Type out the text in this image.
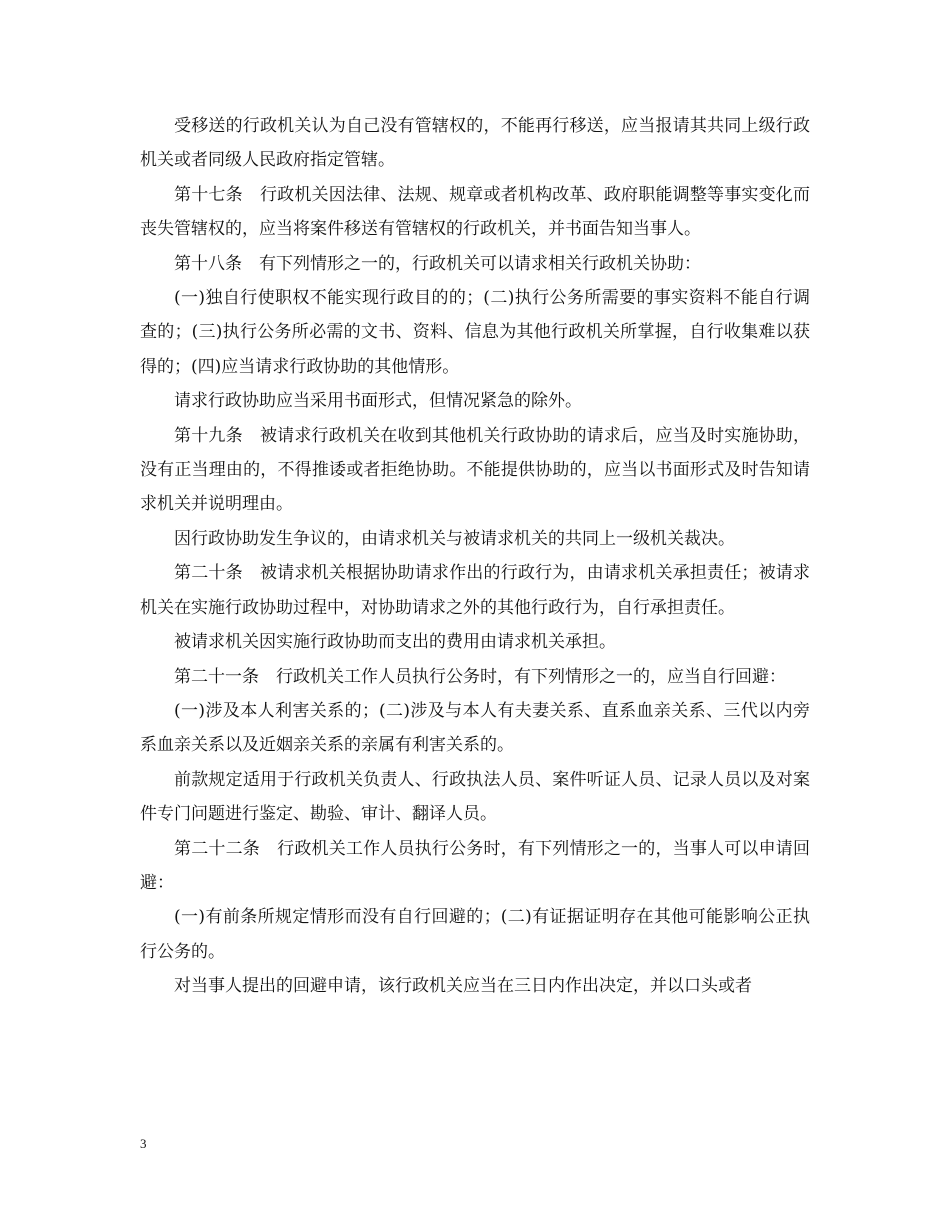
受移送的行政机关认为自己没有管辖权的，不能再行移送，应当报请其共同上级行政机关或者同级人民政府指定管辖。

第十七条　行政机关因法律、法规、规章或者机构改革、政府职能调整等事实变化而丧失管辖权的，应当将案件移送有管辖权的行政机关，并书面告知当事人。

第十八条　有下列情形之一的，行政机关可以请求相关行政机关协助：

(一)独自行使职权不能实现行政目的的；(二)执行公务所需要的事实资料不能自行调查的；(三)执行公务所必需的文书、资料、信息为其他行政机关所掌握，自行收集难以获得的；(四)应当请求行政协助的其他情形。

请求行政协助应当采用书面形式，但情况紧急的除外。

第十九条　被请求行政机关在收到其他机关行政协助的请求后，应当及时实施协助，没有正当理由的，不得推诿或者拒绝协助。不能提供协助的，应当以书面形式及时告知请求机关并说明理由。

因行政协助发生争议的，由请求机关与被请求机关的共同上一级机关裁决。

第二十条　被请求机关根据协助请求作出的行政行为，由请求机关承担责任；被请求机关在实施行政协助过程中，对协助请求之外的其他行政行为，自行承担责任。

被请求机关因实施行政协助而支出的费用由请求机关承担。

第二十一条　行政机关工作人员执行公务时，有下列情形之一的，应当自行回避：

(一)涉及本人利害关系的；(二)涉及与本人有夫妻关系、直系血亲关系、三代以内旁系血亲关系以及近姻亲关系的亲属有利害关系的。

前款规定适用于行政机关负责人、行政执法人员、案件听证人员、记录人员以及对案件专门问题进行鉴定、勘验、审计、翻译人员。

第二十二条　行政机关工作人员执行公务时，有下列情形之一的，当事人可以申请回避：

(一)有前条所规定情形而没有自行回避的；(二)有证据证明存在其他可能影响公正执行公务的。

对当事人提出的回避申请，该行政机关应当在三日内作出决定，并以口头或者

3
